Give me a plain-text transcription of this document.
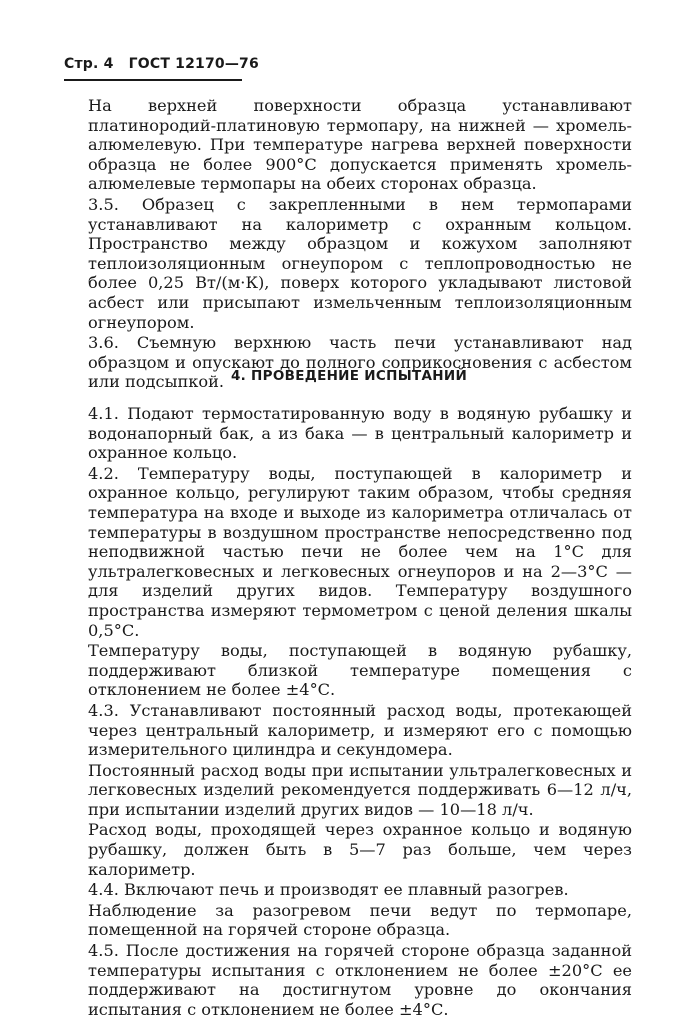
Стр. 4 ГОСТ 12170—76

На верхней поверхности образца устанавливают платинородий-платиновую термопару, на нижней — хромель-алюмелевую. При температуре нагрева верхней поверхности образца не более 900°С допускается применять хромель-алюмелевые термопары на обеих сторонах образца.

3.5. Образец с закрепленными в нем термопарами устанавливают на калориметр с охранным кольцом. Пространство между образцом и кожухом заполняют теплоизоляционным огнеупором с теплопроводностью не более 0,25 Вт/(м·К), поверх которого укладывают листовой асбест или присыпают измельченным теплоизоляционным огнеупором.

3.6. Съемную верхнюю часть печи устанавливают над образцом и опускают до полного соприкосновения с асбестом или подсыпкой. 4. ПРОВЕДЕНИЕ ИСПЫТАНИЙ

4.1. Подают термостатированную воду в водяную рубашку и водонапорный бак, а из бака — в центральный калориметр и охранное кольцо.

4.2. Температуру воды, поступающей в калориметр и охранное кольцо, регулируют таким образом, чтобы средняя температура на входе и выходе из калориметра отличалась от температуры в воздушном пространстве непосредственно под неподвижной частью печи не более чем на 1°С для ультралегковесных и легковесных огнеупоров и на 2—3°С — для изделий других видов. Температуру воздушного пространства измеряют термометром с ценой деления шкалы 0,5°С.

Температуру воды, поступающей в водяную рубашку, поддерживают близкой температуре помещения с отклонением не более ±4°С.

4.3. Устанавливают постоянный расход воды, протекающей через центральный калориметр, и измеряют его с помощью измерительного цилиндра и секундомера.

Постоянный расход воды при испытании ультралегковесных и легковесных изделий рекомендуется поддерживать 6—12 л/ч, при испытании изделий других видов — 10—18 л/ч.

Расход воды, проходящей через охранное кольцо и водяную рубашку, должен быть в 5—7 раз больше, чем через калориметр.

4.4. Включают печь и производят ее плавный разогрев.

Наблюдение за разогревом печи ведут по термопаре, помещенной на горячей стороне образца.

4.5. После достижения на горячей стороне образца заданной температуры испытания с отклонением не более ±20°С ее поддерживают на достигнутом уровне до окончания испытания с отклонением не более ±4°С.
